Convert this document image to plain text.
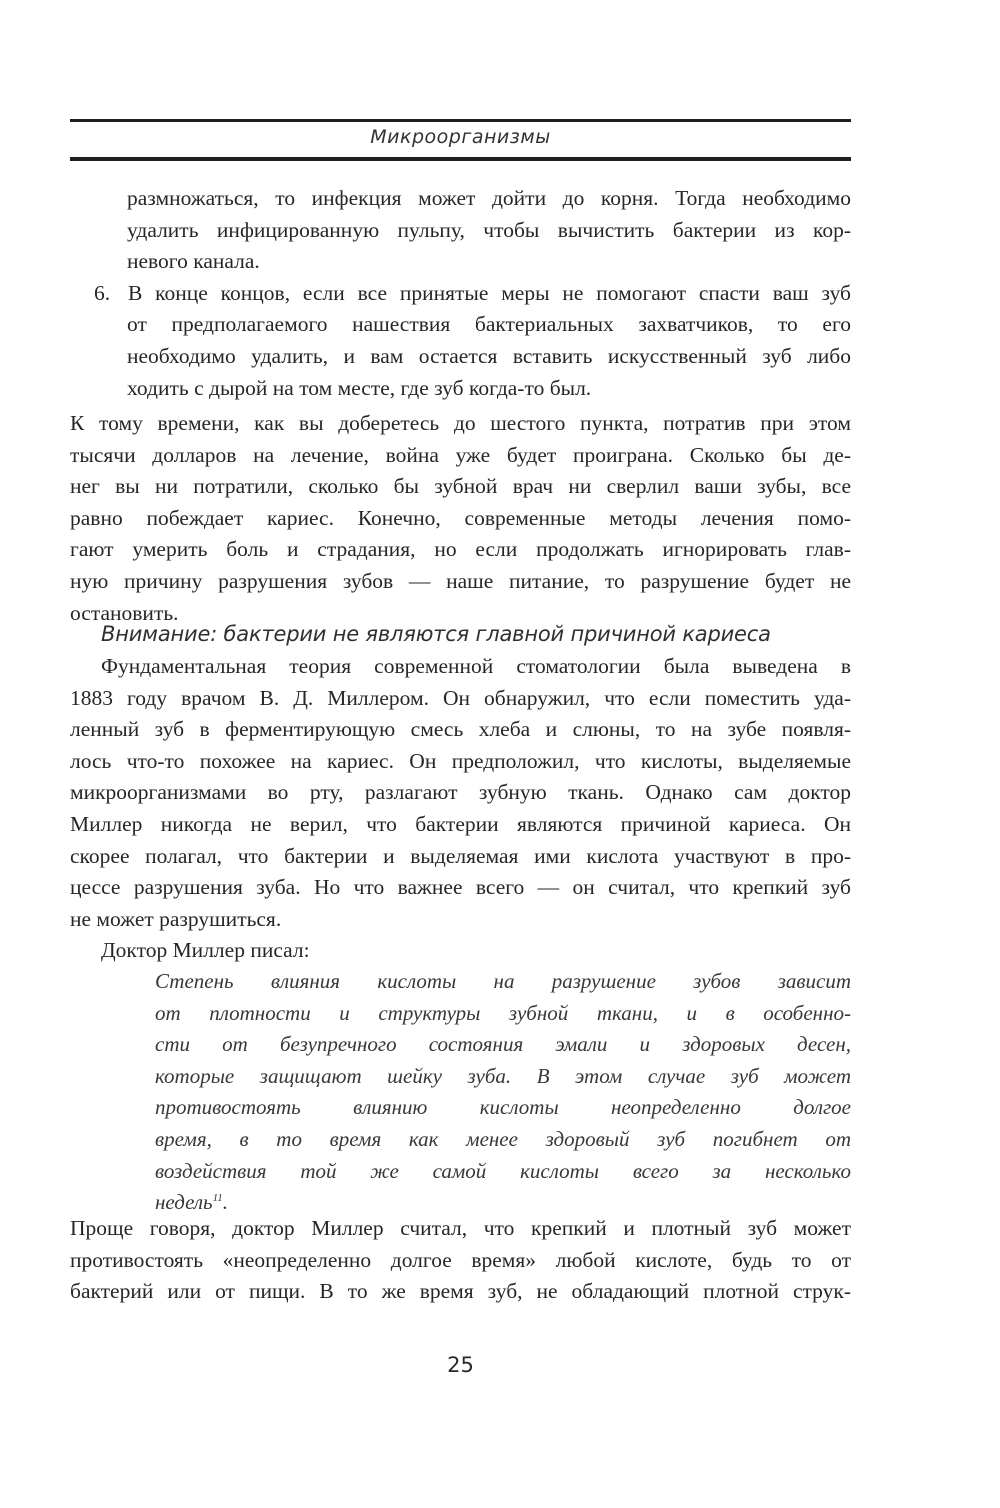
Микроорганизмы
размножаться, то инфекция может дойти до корня. Тогда необходимо
удалить инфицированную пульпу, чтобы вычистить бактерии из кор-
невого канала.
6. В конце концов, если все принятые меры не помогают спасти ваш зуб
от предполагаемого нашествия бактериальных захватчиков, то его
необходимо удалить, и вам остается вставить искусственный зуб либо
ходить с дырой на том месте, где зуб когда-то был.
К тому времени, как вы доберетесь до шестого пункта, потратив при этом
тысячи долларов на лечение, война уже будет проиграна. Сколько бы де-
нег вы ни потратили, сколько бы зубной врач ни сверлил ваши зубы, все
равно побеждает кариес. Конечно, современные методы лечения помо-
гают умерить боль и страдания, но если продолжать игнорировать глав-
ную причину разрушения зубов — наше питание, то разрушение будет не
остановить.
Внимание: бактерии не являются главной причиной кариеса
Фундаментальная теория современной стоматологии была выведена в
1883 году врачом В. Д. Миллером. Он обнаружил, что если поместить уда-
ленный зуб в ферментирующую смесь хлеба и слюны, то на зубе появля-
лось что-то похожее на кариес. Он предположил, что кислоты, выделяемые
микроорганизмами во рту, разлагают зубную ткань. Однако сам доктор
Миллер никогда не верил, что бактерии являются причиной кариеса. Он
скорее полагал, что бактерии и выделяемая ими кислота участвуют в про-
цессе разрушения зуба. Но что важнее всего — он считал, что крепкий зуб
не может разрушиться.
Доктор Миллер писал:
Степень влияния кислоты на разрушение зубов зависит
от плотности и структуры зубной ткани, и в особенно-
сти от безупречного состояния эмали и здоровых десен,
которые защищают шейку зуба. В этом случае зуб может
противостоять влиянию кислоты неопределенно долгое
время, в то время как менее здоровый зуб погибнет от
воздействия той же самой кислоты всего за несколько
недель$^{11}$.
Проще говоря, доктор Миллер считал, что крепкий и плотный зуб может
противостоять «неопределенно долгое время» любой кислоте, будь то от
бактерий или от пищи. В то же время зуб, не обладающий плотной струк-
25
